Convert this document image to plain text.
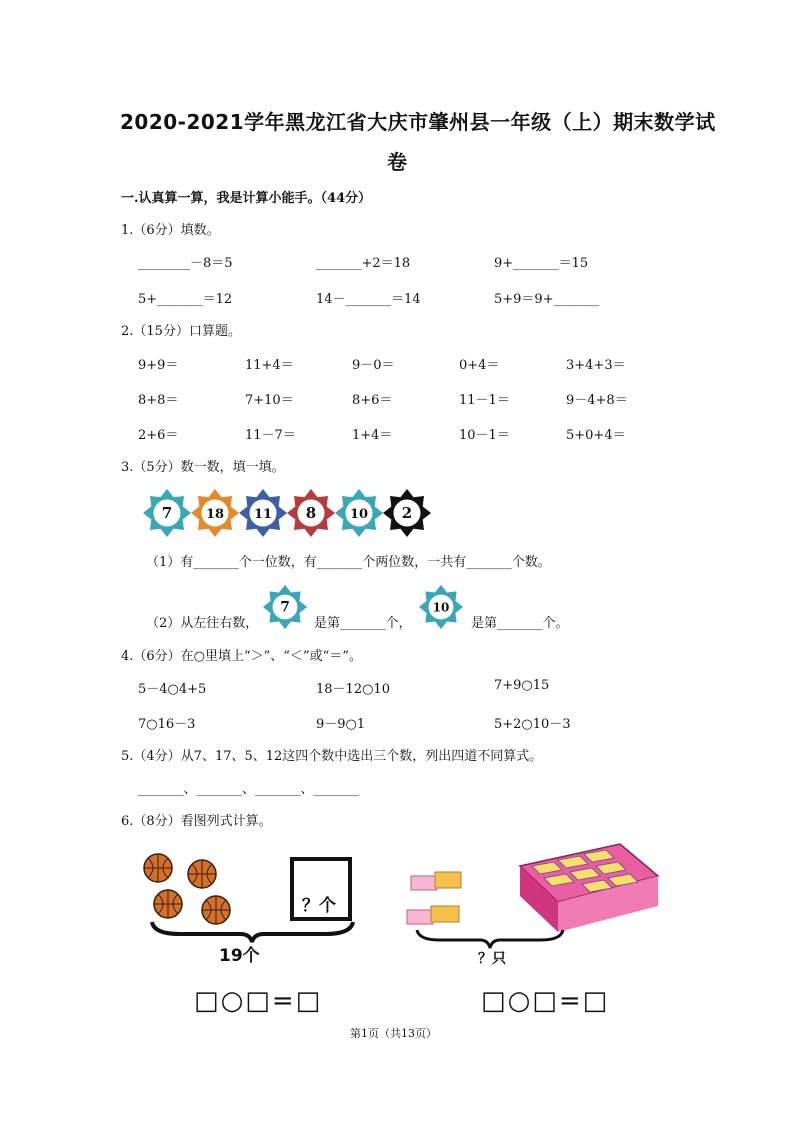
2020-2021学年黑龙江省大庆市肇州县一年级（上）期末数学试
卷
一.认真算一算，我是计算小能手。（44分）
1.（6分）填数。
________－8＝5	_______+2＝18	9+_______＝15
5+_______＝12	14－_______＝14	5+9＝9+_______
2.（15分）口算题。
9+9＝	11+4＝	9－0＝	0+4＝	3+4+3＝
8+8＝	7+10＝	8+6＝	11－1＝	9－4+8＝
2+6＝	11－7＝	1+4＝	10－1＝	5+0+4＝
3.（5分）数一数，填一填。
7	18 11 8	10 2
（1）有_______个一位数，有_______个两位数，一共有_______个数。
（2）从左往右数，
7
是第_______个，
10
是第_______个。
4.（6分）在○里填上“＞”、“＜”或“＝”。
5－4○4+5	18－12○10	7+9○15
7○16－3	9－9○1	5+2○10－3
5.（4分）从7、17、5、12这四个数中选出三个数，列出四道不同算式。
_______、_______、_______、_______
6.（8分）看图列式计算。
？个
19个	？只
□○□=□	□○□=□
第1页（共13页）
